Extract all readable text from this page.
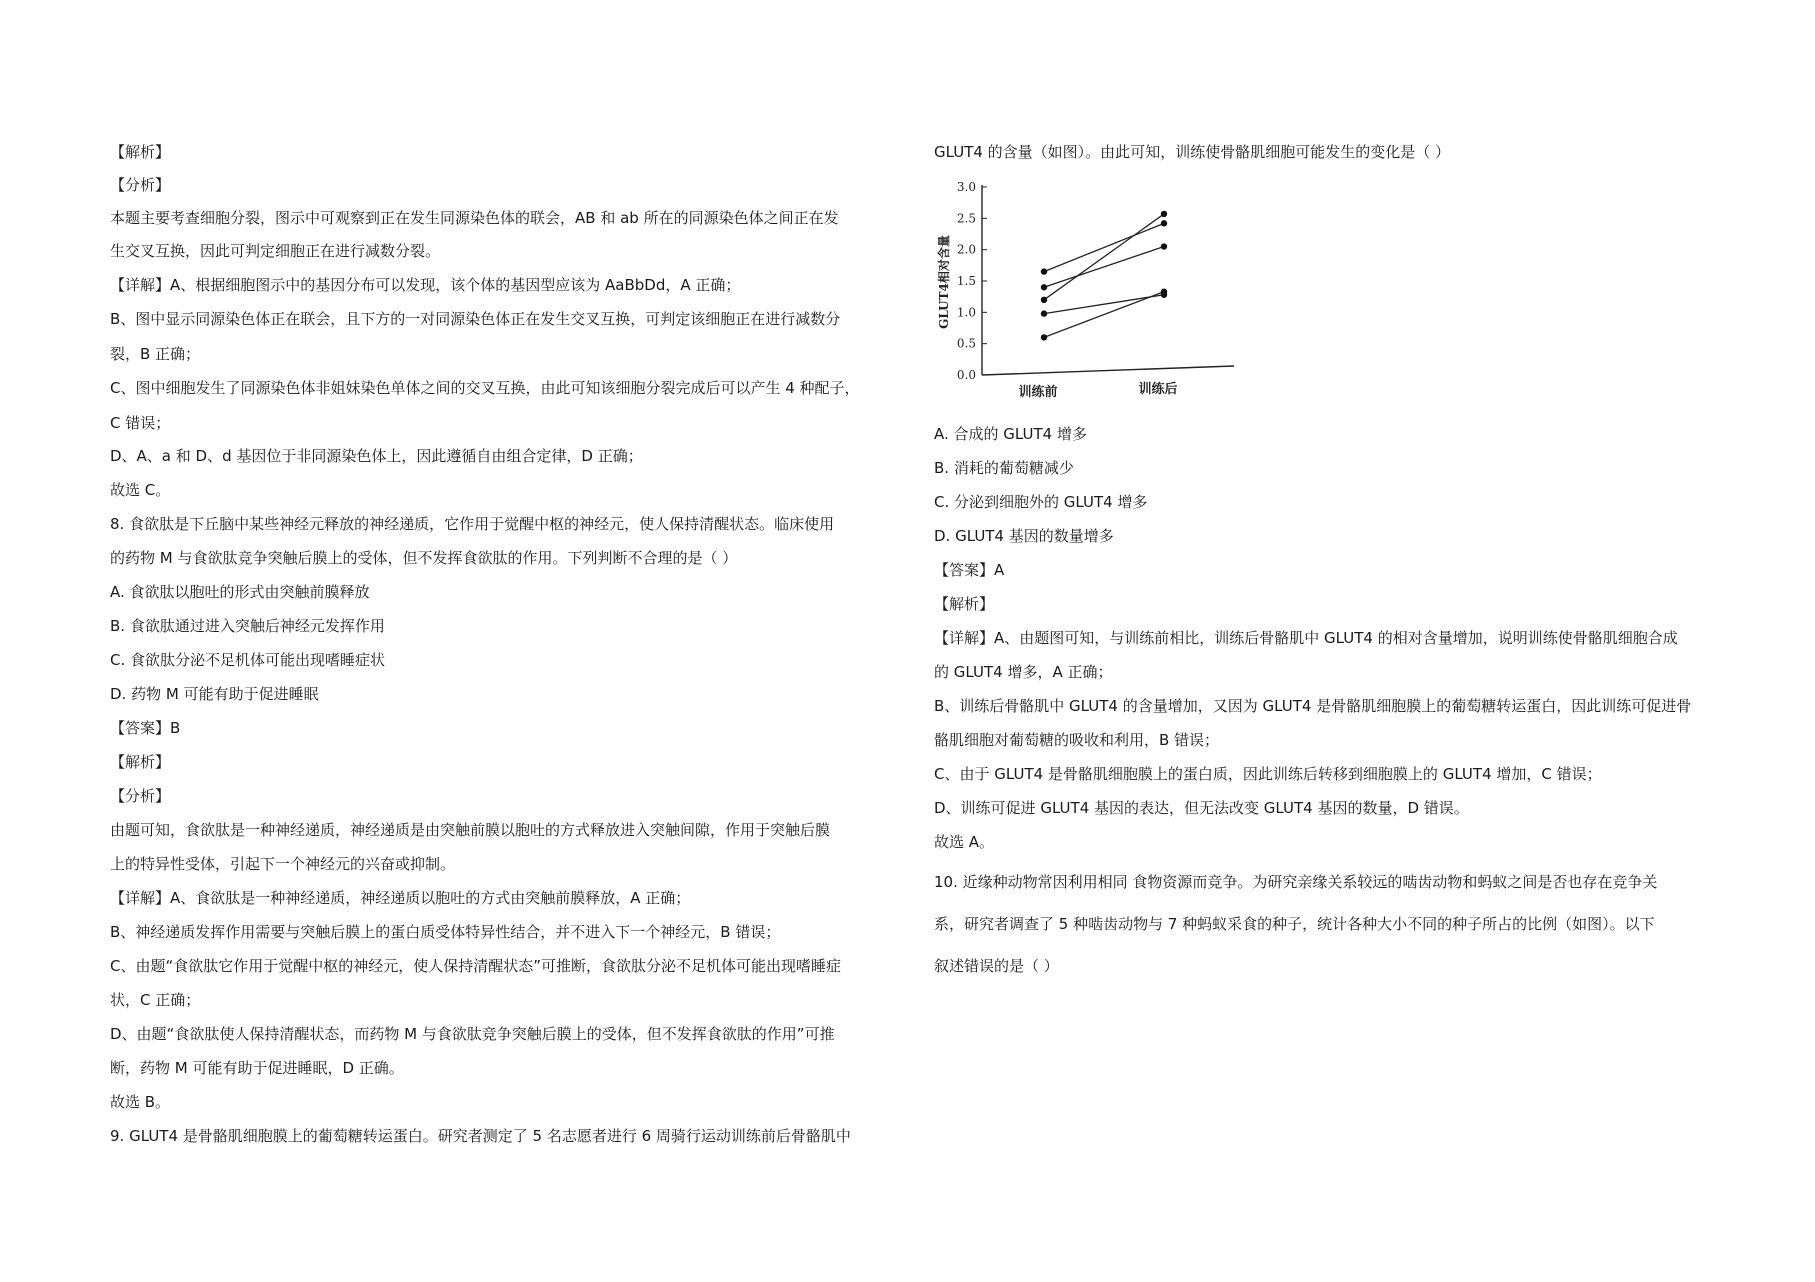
【解析】
【分析】
本题主要考查细胞分裂，图示中可观察到正在发生同源染色体的联会，AB 和 ab 所在的同源染色体之间正在发
生交叉互换，因此可判定细胞正在进行减数分裂。
【详解】A、根据细胞图示中的基因分布可以发现，该个体的基因型应该为 AaBbDd，A 正确；
B、图中显示同源染色体正在联会，且下方的一对同源染色体正在发生交叉互换，可判定该细胞正在进行减数分
裂，B 正确；
C、图中细胞发生了同源染色体非姐妹染色单体之间的交叉互换，由此可知该细胞分裂完成后可以产生 4 种配子，
C 错误；
D、A、a 和 D、d 基因位于非同源染色体上，因此遵循自由组合定律，D 正确；
故选 C。
8. 食欲肽是下丘脑中某些神经元释放的神经递质，它作用于觉醒中枢的神经元，使人保持清醒状态。临床使用
的药物 M 与食欲肽竞争突触后膜上的受体，但不发挥食欲肽的作用。下列判断不合理的是（ ）
A. 食欲肽以胞吐的形式由突触前膜释放
B. 食欲肽通过进入突触后神经元发挥作用
C. 食欲肽分泌不足机体可能出现嗜睡症状
D. 药物 M 可能有助于促进睡眠
【答案】B
【解析】
【分析】
由题可知，食欲肽是一种神经递质，神经递质是由突触前膜以胞吐的方式释放进入突触间隙，作用于突触后膜
上的特异性受体，引起下一个神经元的兴奋或抑制。
【详解】A、食欲肽是一种神经递质，神经递质以胞吐的方式由突触前膜释放，A 正确；
B、神经递质发挥作用需要与突触后膜上的蛋白质受体特异性结合，并不进入下一个神经元，B 错误；
C、由题“食欲肽它作用于觉醒中枢的神经元，使人保持清醒状态”可推断，食欲肽分泌不足机体可能出现嗜睡症
状，C 正确；
D、由题“食欲肽使人保持清醒状态，而药物 M 与食欲肽竞争突触后膜上的受体，但不发挥食欲肽的作用”可推
断，药物 M 可能有助于促进睡眠，D 正确。
故选 B。
9. GLUT4 是骨骼肌细胞膜上的葡萄糖转运蛋白。研究者测定了 5 名志愿者进行 6 周骑行运动训练前后骨骼肌中
GLUT4 的含量（如图）。由此可知，训练使骨骼肌细胞可能发生的变化是（ ）
A. 合成的 GLUT4 增多
B. 消耗的葡萄糖减少
C. 分泌到细胞外的 GLUT4 增多
D. GLUT4 基因的数量增多
【答案】A
【解析】
【详解】A、由题图可知，与训练前相比，训练后骨骼肌中 GLUT4 的相对含量增加，说明训练使骨骼肌细胞合成
的 GLUT4 增多，A 正确；
B、训练后骨骼肌中 GLUT4 的含量增加，又因为 GLUT4 是骨骼肌细胞膜上的葡萄糖转运蛋白，因此训练可促进骨
骼肌细胞对葡萄糖的吸收和利用，B 错误；
C、由于 GLUT4 是骨骼肌细胞膜上的蛋白质，因此训练后转移到细胞膜上的 GLUT4 增加，C 错误；
D、训练可促进 GLUT4 基因的表达，但无法改变 GLUT4 基因的数量，D 错误。
故选 A。
10. 近缘种动物常因利用相同 食物资源而竞争。为研究亲缘关系较远的啮齿动物和蚂蚁之间是否也存在竞争关
系，研究者调查了 5 种啮齿动物与 7 种蚂蚁采食的种子，统计各种大小不同的种子所占的比例（如图）。以下
叙述错误的是（ ）
0.0
0.5
1.0
1.5
2.0
2.5
3.0
GLUT4相对含量
训练前	训练后
